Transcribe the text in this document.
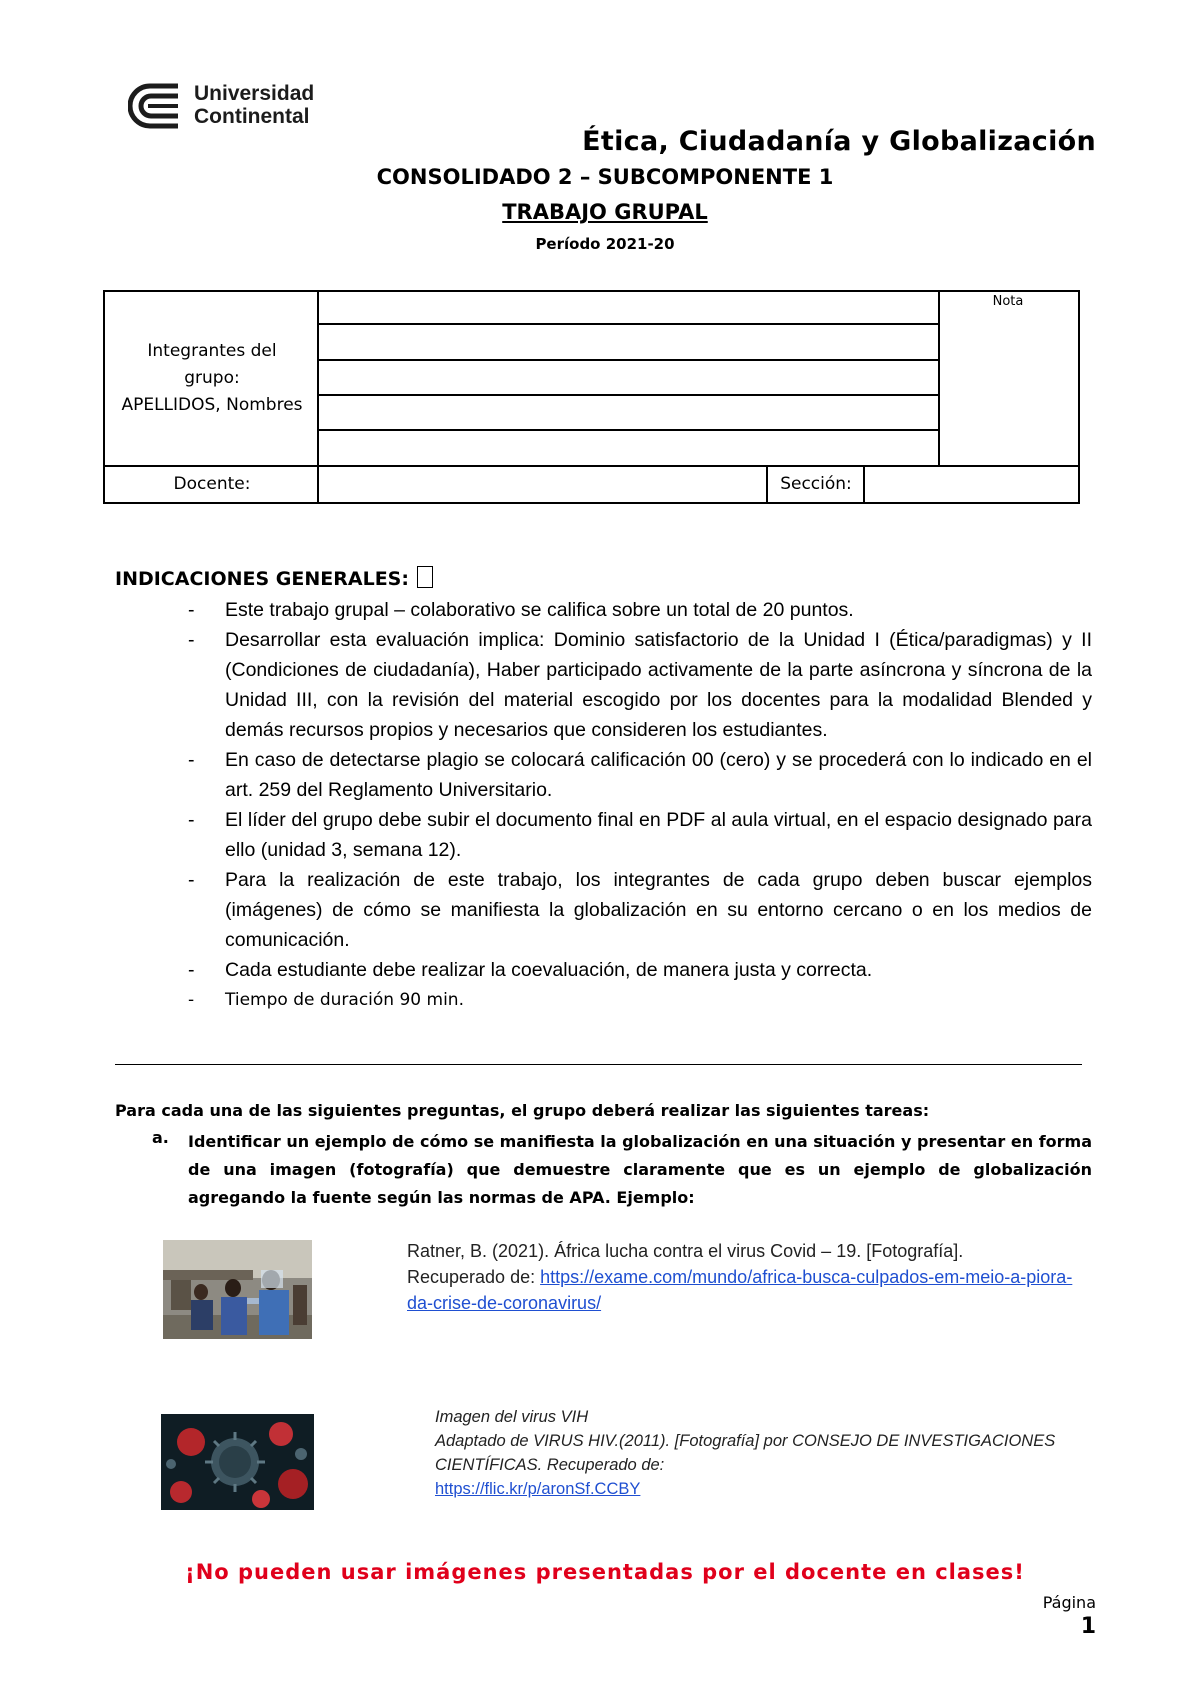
Universidad
Continental
Ética, Ciudadanía y Globalización
CONSOLIDADO 2 – SUBCOMPONENTE 1
TRABAJO GRUPAL
Período 2021-20
Integrantes del
grupo:
APELLIDOS, Nombres
Nota
Docente:	Sección:
INDICACIONES GENERALES:
- Este trabajo grupal – colaborativo se califica sobre un total de 20 puntos.
- Desarrollar esta evaluación implica: Dominio satisfactorio de la Unidad I (Ética/paradigmas) y II (Condiciones de ciudadanía), Haber participado activamente de la parte asíncrona y síncrona de la Unidad III, con la revisión del material escogido por los docentes para la modalidad Blended y demás recursos propios y necesarios que consideren los estudiantes.
- En caso de detectarse plagio se colocará calificación 00 (cero) y se procederá con lo indicado en el art. 259 del Reglamento Universitario.
- El líder del grupo debe subir el documento final en PDF al aula virtual, en el espacio designado para ello (unidad 3, semana 12).
- Para la realización de este trabajo, los integrantes de cada grupo deben buscar ejemplos (imágenes) de cómo se manifiesta la globalización en su entorno cercano o en los medios de comunicación.
- Cada estudiante debe realizar la coevaluación, de manera justa y correcta.
- Tiempo de duración 90 min.
Para cada una de las siguientes preguntas, el grupo deberá realizar las siguientes tareas:
a. Identificar un ejemplo de cómo se manifiesta la globalización en una situación y presentar en forma de una imagen (fotografía) que demuestre claramente que es un ejemplo de globalización agregando la fuente según las normas de APA. Ejemplo:
Ratner, B. (2021). África lucha contra el virus Covid – 19. [Fotografía].
Recuperado de: https://exame.com/mundo/africa-busca-culpados-em-meio-a-piora-da-crise-de-coronavirus/
Imagen del virus VIH
Adaptado de VIRUS HIV.(2011). [Fotografía] por CONSEJO DE INVESTIGACIONES CIENTÍFICAS. Recuperado de:
https://flic.kr/p/aronSf.CCBY
¡No pueden usar imágenes presentadas por el docente en clases!
Página
1
